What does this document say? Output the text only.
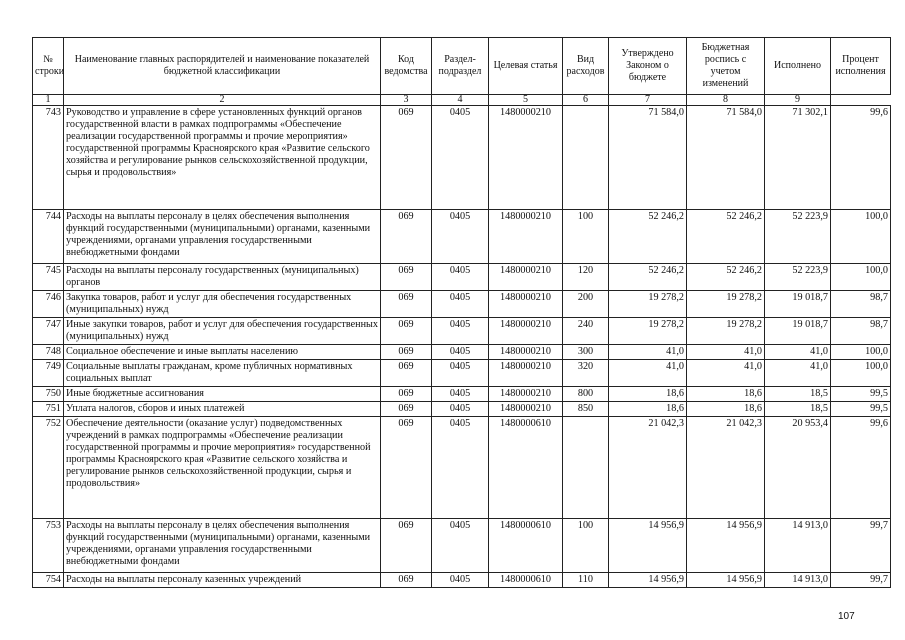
№ строки	Наименование главных распорядителей и наименование показателей бюджетной классификации	Код ведомства	Раздел-подраздел	Целевая статья	Вид расходов	Утверждено Законом о бюджете	Бюджетная роспись с учетом изменений	Исполнено	Процент исполнения
1	2	3	4	5	6	7	8	9	
743	Руководство и управление в сфере установленных функций органов государственной власти в рамках подпрограммы «Обеспечение реализации государственной программы и прочие мероприятия» государственной программы Красноярского края «Развитие сельского хозяйства и регулирование рынков сельскохозяйственной продукции, сырья и продовольствия»	069	0405	1480000210		71 584,0	71 584,0	71 302,1	99,6
744	Расходы на выплаты персоналу в целях обеспечения выполнения функций государственными (муниципальными) органами, казенными учреждениями, органами управления государственными внебюджетными фондами	069	0405	1480000210	100	52 246,2	52 246,2	52 223,9	100,0
745	Расходы на выплаты персоналу государственных (муниципальных) органов	069	0405	1480000210	120	52 246,2	52 246,2	52 223,9	100,0
746	Закупка товаров, работ и услуг для обеспечения государственных (муниципальных) нужд	069	0405	1480000210	200	19 278,2	19 278,2	19 018,7	98,7
747	Иные закупки товаров, работ и услуг для обеспечения государственных (муниципальных) нужд	069	0405	1480000210	240	19 278,2	19 278,2	19 018,7	98,7
748	Социальное обеспечение и иные выплаты населению	069	0405	1480000210	300	41,0	41,0	41,0	100,0
749	Социальные выплаты гражданам, кроме публичных нормативных социальных выплат	069	0405	1480000210	320	41,0	41,0	41,0	100,0
750	Иные бюджетные ассигнования	069	0405	1480000210	800	18,6	18,6	18,5	99,5
751	Уплата налогов, сборов и иных платежей	069	0405	1480000210	850	18,6	18,6	18,5	99,5
752	Обеспечение деятельности (оказание услуг) подведомственных учреждений в рамках подпрограммы «Обеспечение реализации государственной программы и прочие мероприятия» государственной программы Красноярского края «Развитие сельского хозяйства и регулирование рынков сельскохозяйственной продукции, сырья и продовольствия»	069	0405	1480000610		21 042,3	21 042,3	20 953,4	99,6
753	Расходы на выплаты персоналу в целях обеспечения выполнения функций государственными (муниципальными) органами, казенными учреждениями, органами управления государственными внебюджетными фондами	069	0405	1480000610	100	14 956,9	14 956,9	14 913,0	99,7
754	Расходы на выплаты персоналу казенных учреждений	069	0405	1480000610	110	14 956,9	14 956,9	14 913,0	99,7
107
